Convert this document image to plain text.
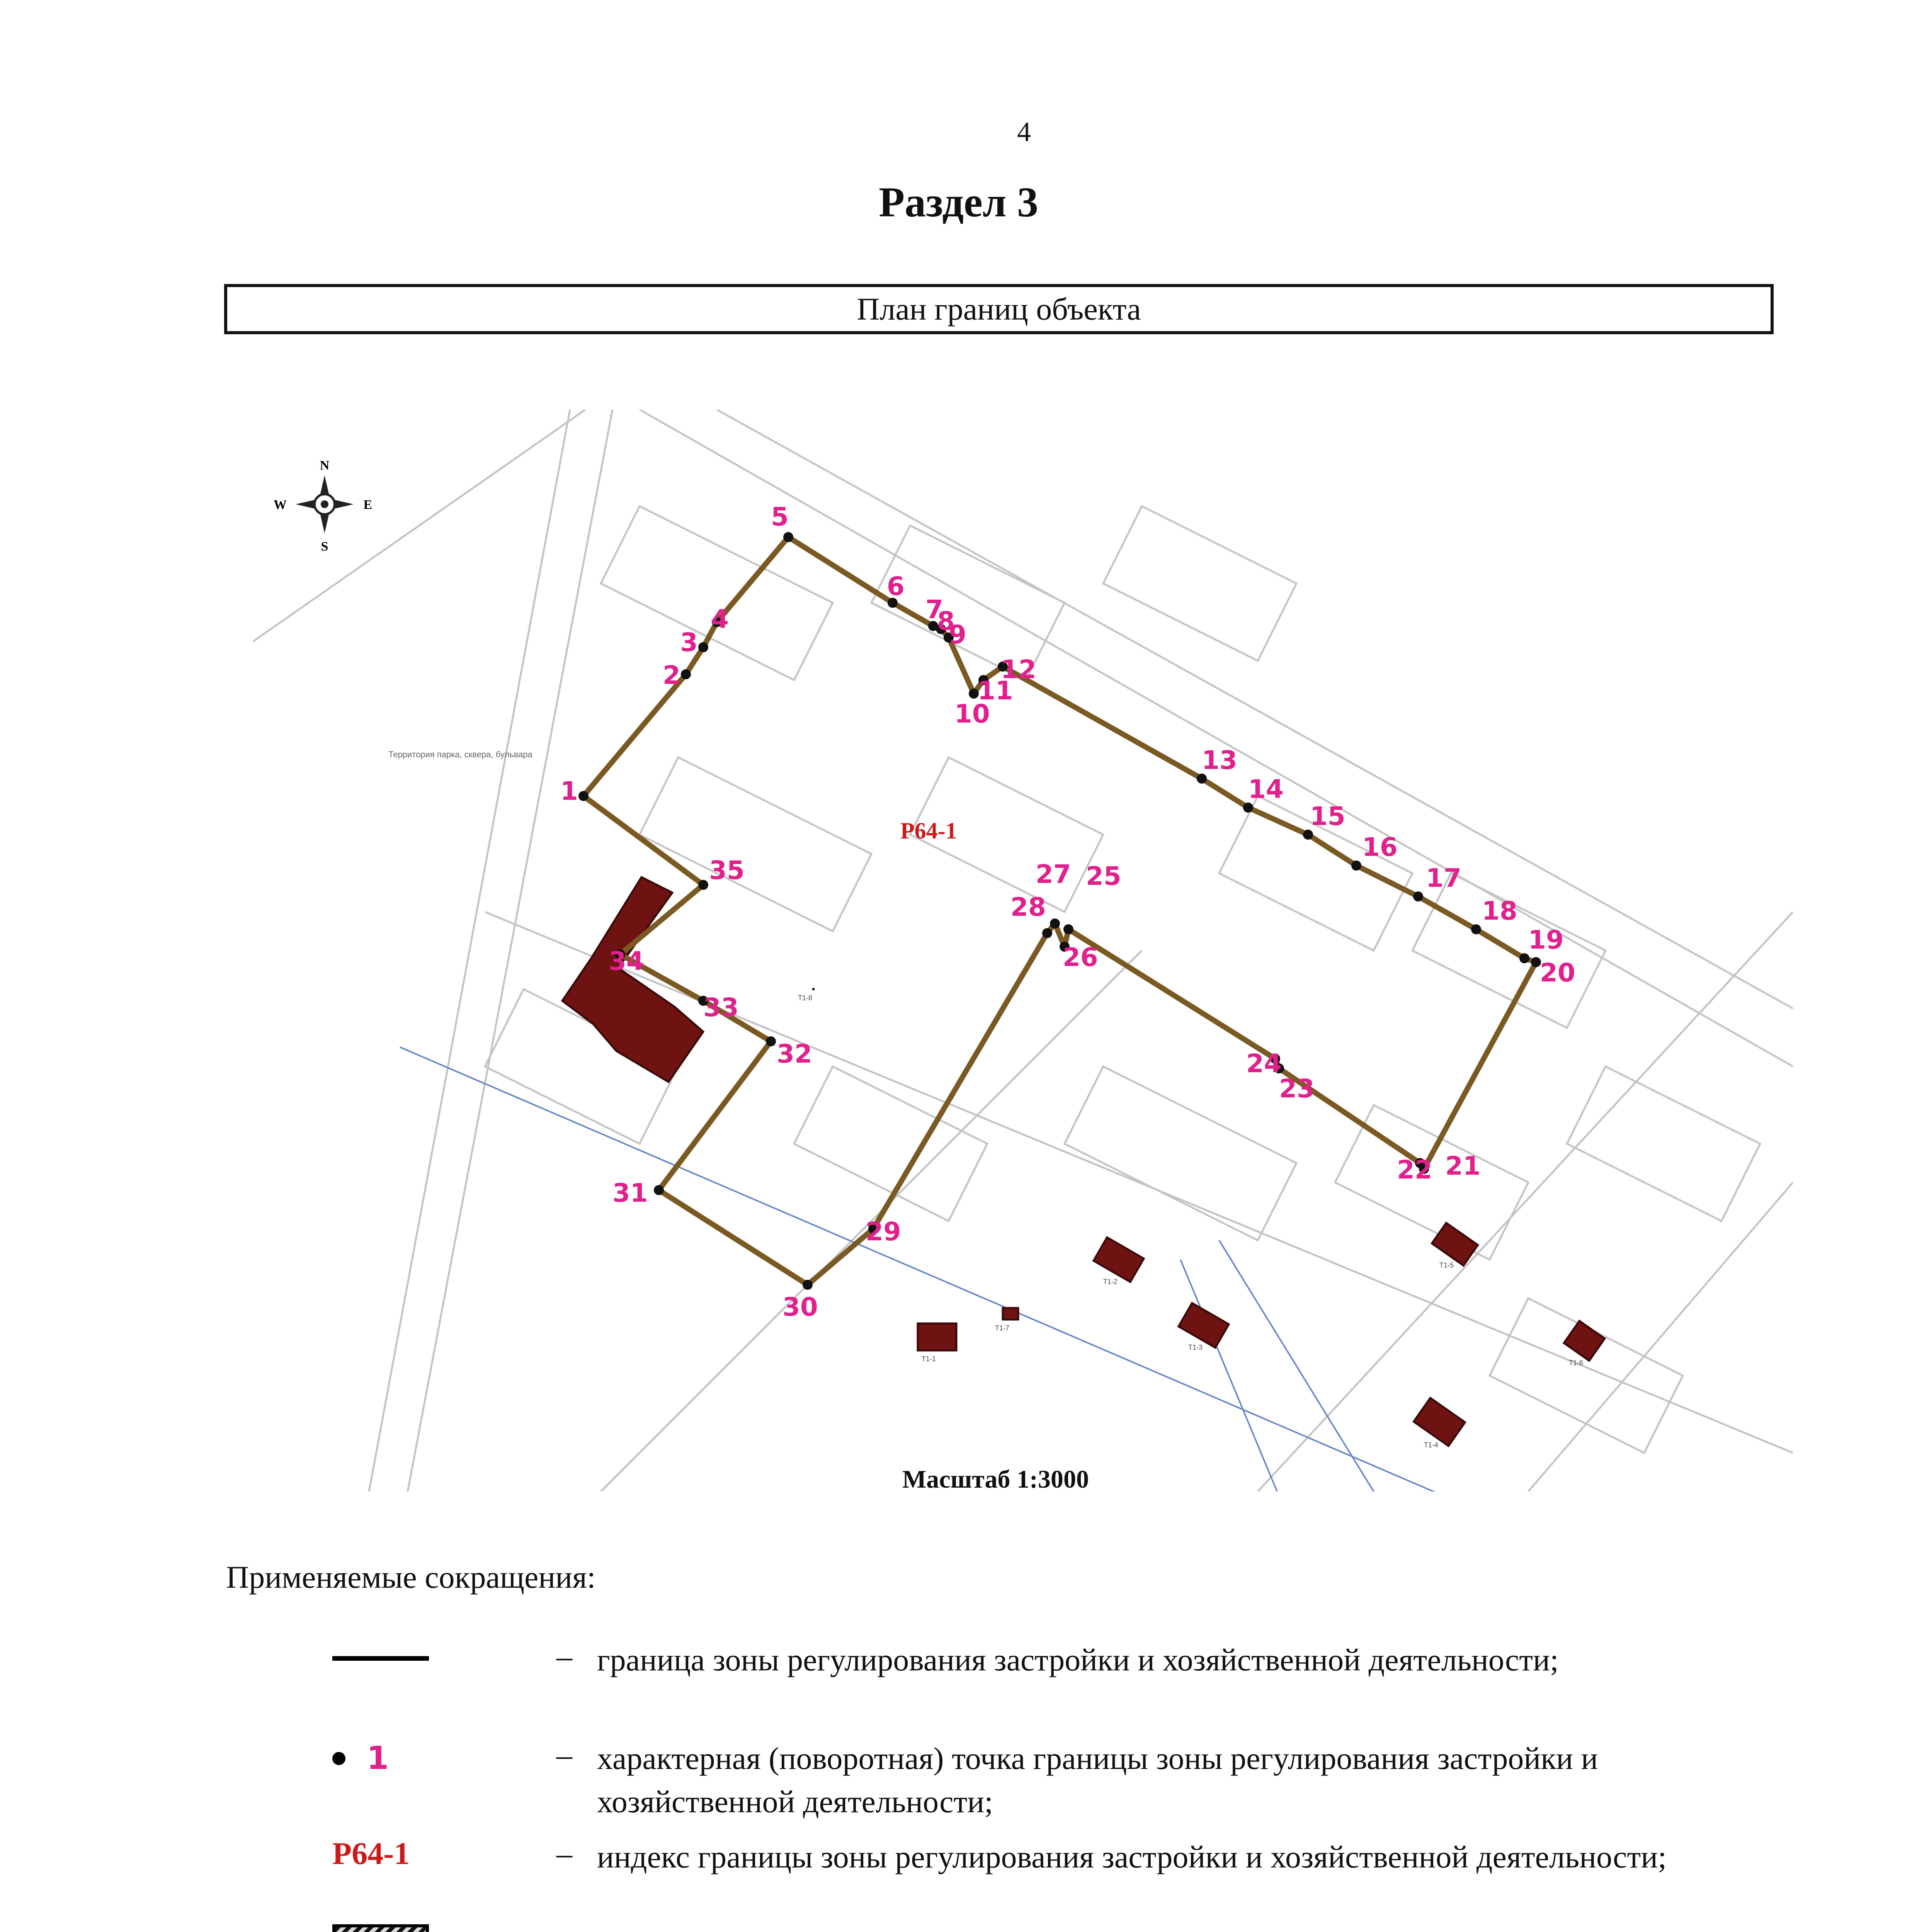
4
Раздел 3
План границ объекта
Территория парка, сквера, бульвара
N
S
W	E
Т1-1
Т1-2
Т1-3
Т1-4
Т1-5
Т1-6
Т1-7
Т1-8
1
2
3
4
5
6
7
8
9
10
11
12
13
14
15
16
17
18
19
20
21
22
23
24
25
26
27
28
29
30
31
32
33
34
35
Р64-1
Масштаб 1:3000
Применяемые сокращения:
– граница зоны регулирования застройки и хозяйственной деятельности;
1	– характерная (поворотная) точка границы зоны регулирования застройки и хозяйственной деятельности;
Р64-1	– индекс границы зоны регулирования застройки и хозяйственной деятельности;
